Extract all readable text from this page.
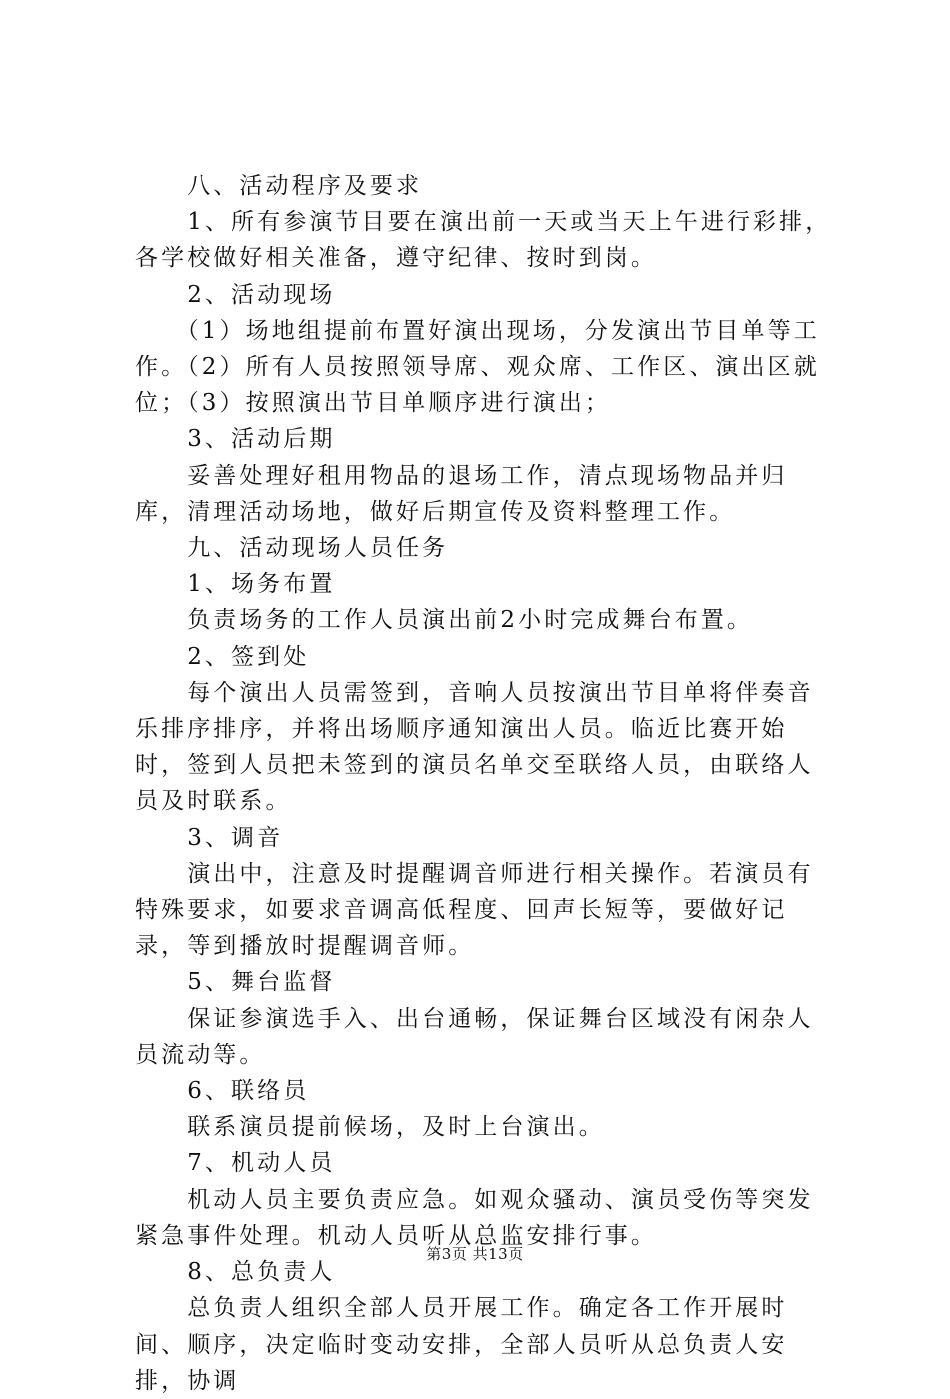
　　八、活动程序及要求

　　1、所有参演节目要在演出前一天或当天上午进行彩排，各学校做好相关准备，遵守纪律、按时到岗。

　　2、活动现场

　　（1）场地组提前布置好演出现场，分发演出节目单等工作。（2）所有人员按照领导席、观众席、工作区、演出区就位；（3）按照演出节目单顺序进行演出；

　　3、活动后期

　　妥善处理好租用物品的退场工作，清点现场物品并归库，清理活动场地，做好后期宣传及资料整理工作。

　　九、活动现场人员任务

　　1、场务布置

　　负责场务的工作人员演出前2小时完成舞台布置。

　　2、签到处

　　每个演出人员需签到，音响人员按演出节目单将伴奏音乐排序排序，并将出场顺序通知演出人员。临近比赛开始时，签到人员把未签到的演员名单交至联络人员，由联络人员及时联系。

　　3、调音

　　演出中，注意及时提醒调音师进行相关操作。若演员有特殊要求，如要求音调高低程度、回声长短等，要做好记录，等到播放时提醒调音师。

　　5、舞台监督

　　保证参演选手入、出台通畅，保证舞台区域没有闲杂人员流动等。

　　6、联络员

　　联系演员提前候场，及时上台演出。

　　7、机动人员

　　机动人员主要负责应急。如观众骚动、演员受伤等突发紧急事件处理。机动人员听从总监安排行事。

　　8、总负责人

　　总负责人组织全部人员开展工作。确定各工作开展时间、顺序，决定临时变动安排，全部人员听从总负责人安排，协调

第3页 共13页
